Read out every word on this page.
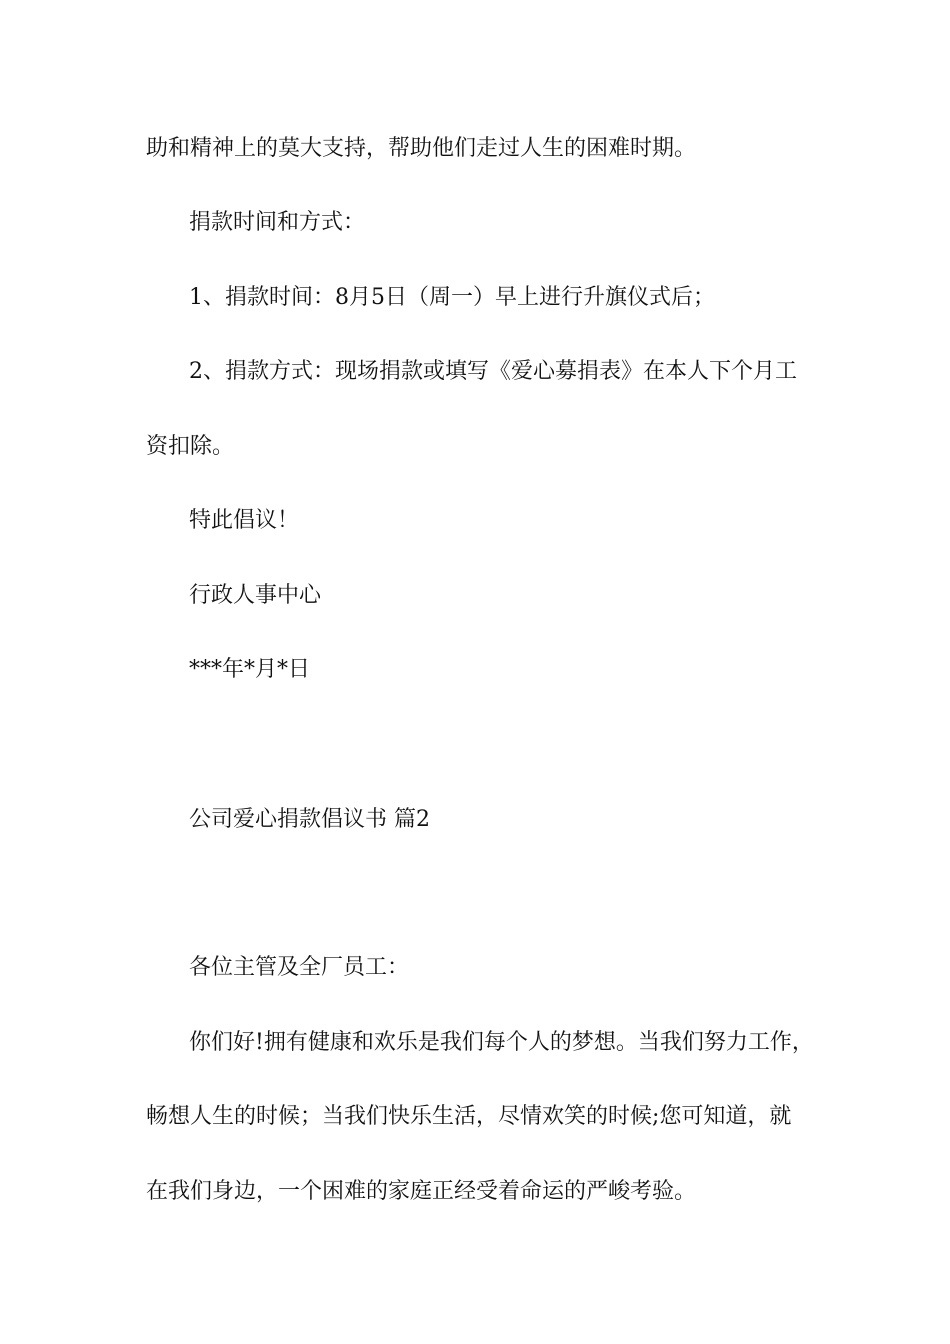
助和精神上的莫大支持，帮助他们走过人生的困难时期。
捐款时间和方式：
1、捐款时间：8月5日（周一）早上进行升旗仪式后；
2、捐款方式：现场捐款或填写《爱心募捐表》在本人下个月工
资扣除。
特此倡议！
行政人事中心
***年*月*日
公司爱心捐款倡议书 篇2
各位主管及全厂员工：
你们好!拥有健康和欢乐是我们每个人的梦想。当我们努力工作，
畅想人生的时候；当我们快乐生活，尽情欢笑的时候;您可知道，就
在我们身边，一个困难的家庭正经受着命运的严峻考验。
